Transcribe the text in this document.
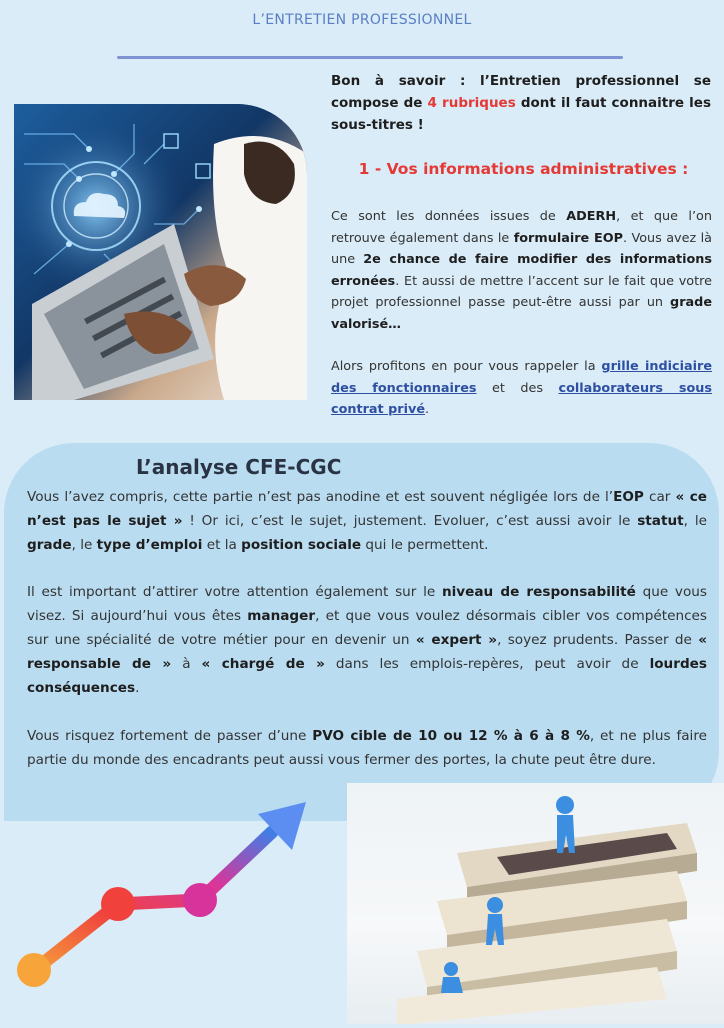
L’ENTRETIEN PROFESSIONNEL
Bon à savoir : l’Entretien professionnel se compose de 4 rubriques dont il faut connaitre les sous-titres !
1 - Vos informations administratives :
Ce sont les données issues de ADERH, et que l’on retrouve également dans le formulaire EOP. Vous avez là une 2e chance de faire modifier des informations erronées. Et aussi de mettre l’accent sur le fait que votre projet professionnel passe peut-être aussi par un grade valorisé…
Alors profitons en pour vous rappeler la grille indiciaire des fonctionnaires et des collaborateurs sous contrat privé.
L’analyse CFE-CGC
Vous l’avez compris, cette partie n’est pas anodine et est souvent négligée lors de l’EOP car « ce n’est pas le sujet » ! Or ici, c’est le sujet, justement. Evoluer, c’est aussi avoir le statut, le grade, le type d’emploi et la position sociale qui le permettent.
Il est important d’attirer votre attention également sur le niveau de responsabilité que vous visez. Si aujourd’hui vous êtes manager, et que vous voulez désormais cibler vos compétences sur une spécialité de votre métier pour en devenir un « expert », soyez prudents. Passer de « responsable de » à « chargé de » dans les emplois-repères, peut avoir de lourdes conséquences.
Vous risquez fortement de passer d’une PVO cible de 10 ou 12 % à 6 à 8 %, et ne plus faire partie du monde des encadrants peut aussi vous fermer des portes, la chute peut être dure.
